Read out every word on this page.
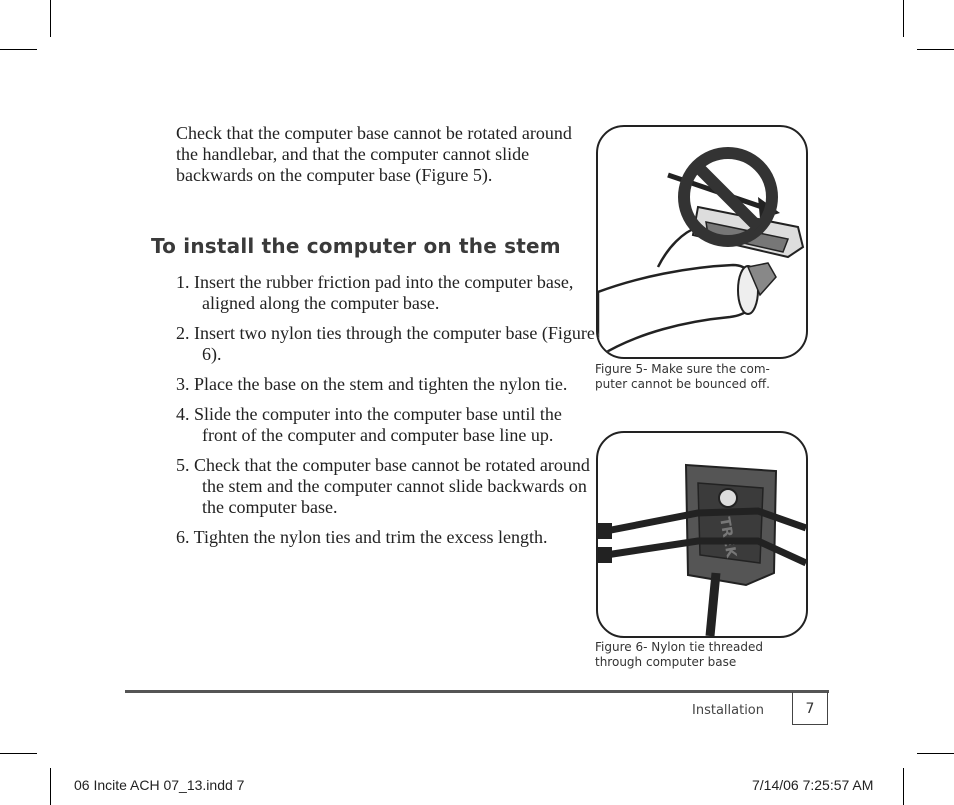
Check that the computer base cannot be rotated around the handlebar, and that the computer cannot slide backwards on the computer base (Figure 5).

To install the computer on the stem
1. Insert the rubber friction pad into the computer base, aligned along the computer base.
2. Insert two nylon ties through the computer base (Figure 6).
3. Place the base on the stem and tighten the nylon tie.
4. Slide the computer into the computer base until the front of the computer and computer base line up.
5. Check that the computer base cannot be rotated around the stem and the computer cannot slide backwards on the computer base.
6. Tighten the nylon ties and trim the excess length.
Figure 5- Make sure the com-puter cannot be bounced off.
TREK
Figure 6- Nylon tie threaded through computer base
Installation	7
06 Incite ACH 07_13.indd 7	7/14/06 7:25:57 AM
